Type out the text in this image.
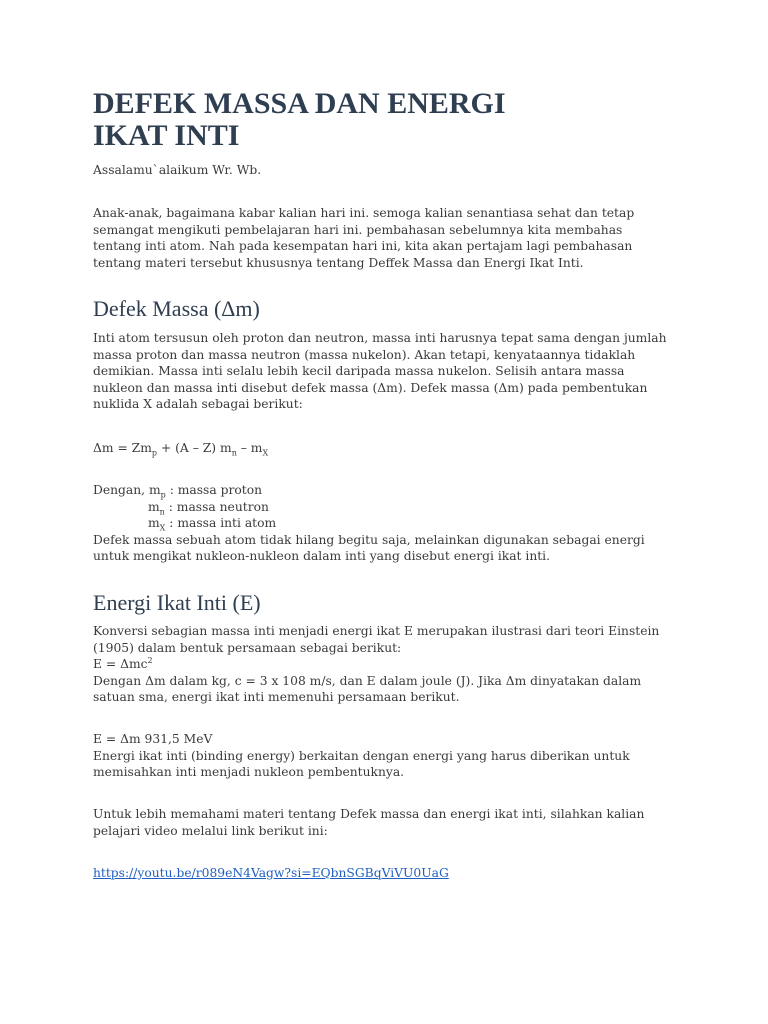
DEFEK MASSA DAN ENERGI
IKAT INTI

Assalamu`alaikum Wr. Wb.

Anak-anak, bagaimana kabar kalian hari ini. semoga kalian senantiasa sehat dan tetap
semangat mengikuti pembelajaran hari ini. pembahasan sebelumnya kita membahas
tentang inti atom. Nah pada kesempatan hari ini, kita akan pertajam lagi pembahasan
tentang materi tersebut khususnya tentang Deffek Massa dan Energi Ikat Inti.

Defek Massa (Δm)

Inti atom tersusun oleh proton dan neutron, massa inti harusnya tepat sama dengan jumlah
massa proton dan massa neutron (massa nukelon). Akan tetapi, kenyataannya tidaklah
demikian. Massa inti selalu lebih kecil daripada massa nukelon. Selisih antara massa
nukleon dan massa inti disebut defek massa (Δm). Defek massa (Δm) pada pembentukan
nuklida X adalah sebagai berikut:

$\Delta m = Zm_p + (A - Z)$ $m_n - m_X$

Dengan, $m_p$ : massa proton
$m_n$ : massa neutron
$m_X$ : massa inti atom
Defek massa sebuah atom tidak hilang begitu saja, melainkan digunakan sebagai energi
untuk mengikat nukleon-nukleon dalam inti yang disebut energi ikat inti.

Energi Ikat Inti (E)

Konversi sebagian massa inti menjadi energi ikat E merupakan ilustrasi dari teori Einstein
(1905) dalam bentuk persamaan sebagai berikut:
E = Δmc$^2$
Dengan Δm dalam kg, c = 3 x 108 m/s, dan E dalam joule (J). Jika Δm dinyatakan dalam
satuan sma, energi ikat inti memenuhi persamaan berikut.

E = Δm 931,5 MeV
Energi ikat inti (binding energy) berkaitan dengan energi yang harus diberikan untuk
memisahkan inti menjadi nukleon pembentuknya.

Untuk lebih memahami materi tentang Defek massa dan energi ikat inti, silahkan kalian
pelajari video melalui link berikut ini:

https://youtu.be/r089eN4Vagw?si=EQbnSGBqViVU0UaG
